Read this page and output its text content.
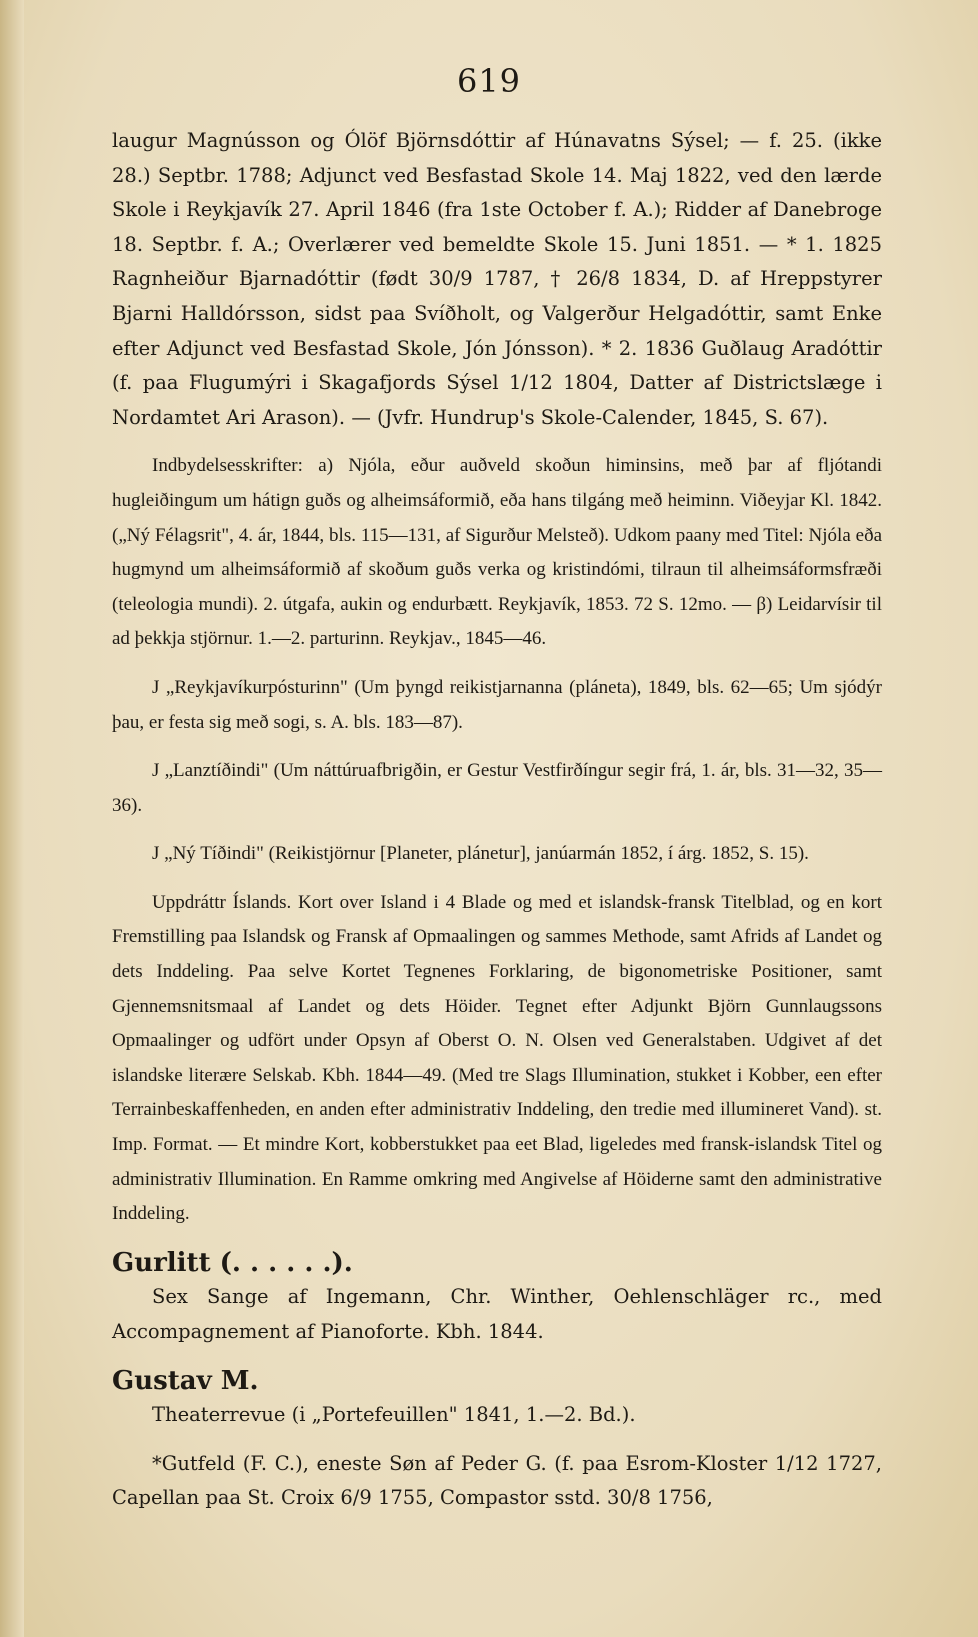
619

laugur Magnússon og Ólöf Björnsdóttir af Húnavatns Sýsel; — f. 25. (ikke 28.) Septbr. 1788; Adjunct ved Besfastad Skole 14. Maj 1822, ved den lærde Skole i Reykjavík 27. April 1846 (fra 1ste October f. A.); Ridder af Danebroge 18. Septbr. f. A.; Overlærer ved bemeldte Skole 15. Juni 1851. — * 1. 1825 Ragnheiður Bjarnadóttir (født 30/9 1787, † 26/8 1834, D. af Hreppstyrer Bjarni Halldórsson, sidst paa Svíðholt, og Valgerður Helgadóttir, samt Enke efter Adjunct ved Besfastad Skole, Jón Jónsson). * 2. 1836 Guðlaug Aradóttir (f. paa Flugumýri i Skagafjords Sýsel 1/12 1804, Datter af Districtslæge i Nordamtet Ari Arason). — (Jvfr. Hundrup's Skole-Calender, 1845, S. 67).

Indbydelsesskrifter: a) Njóla, eður auðveld skoðun himinsins, með þar af fljótandi hugleiðingum um hátign guðs og alheimsáformið, eða hans tilgáng með heiminn. Viðeyjar Kl. 1842. („Ný Félagsrit", 4. ár, 1844, bls. 115—131, af Sigurður Melsteð). Udkom paany med Titel: Njóla eða hugmynd um alheimsáformið af skoðum guðs verka og kristindómi, tilraun til alheimsáformsfræði (teleologia mundi). 2. útgafa, aukin og endurbætt. Reykjavík, 1853. 72 S. 12mo. — β) Leidarvísir til ad þekkja stjörnur. 1.—2. parturinn. Reykjav., 1845—46.

J „Reykjavíkurpósturinn" (Um þyngd reikistjarnanna (pláneta), 1849, bls. 62—65; Um sjódýr þau, er festa sig með sogi, s. A. bls. 183—87).

J „Lanztíðindi" (Um náttúruafbrigðin, er Gestur Vestfirðíngur segir frá, 1. ár, bls. 31—32, 35—36).

J „Ný Tíðindi" (Reikistjörnur [Planeter, plánetur], janúarmán 1852, í árg. 1852, S. 15).

Uppdráttr Íslands. Kort over Island i 4 Blade og med et islandsk-fransk Titelblad, og en kort Fremstilling paa Islandsk og Fransk af Opmaalingen og sammes Methode, samt Afrids af Landet og dets Inddeling. Paa selve Kortet Tegnenes Forklaring, de bigonometriske Positioner, samt Gjennemsnitsmaal af Landet og dets Höider. Tegnet efter Adjunkt Björn Gunnlaugssons Opmaalinger og udfört under Opsyn af Oberst O. N. Olsen ved Generalstaben. Udgivet af det islandske literære Selskab. Kbh. 1844—49. (Med tre Slags Illumination, stukket i Kobber, een efter Terrainbeskaffenheden, en anden efter administrativ Inddeling, den tredie med illumineret Vand). st. Imp. Format. — Et mindre Kort, kobberstukket paa eet Blad, ligeledes med fransk-islandsk Titel og administrativ Illumination. En Ramme omkring med Angivelse af Höiderne samt den administrative Inddeling.

Gurlitt (. . . . . .).

Sex Sange af Ingemann, Chr. Winther, Oehlenschläger rc., med Accompagnement af Pianoforte. Kbh. 1844.

Gustav M.

Theaterrevue (i „Portefeuillen" 1841, 1.—2. Bd.).

*Gutfeld (F. C.), eneste Søn af Peder G. (f. paa Esrom-Kloster 1/12 1727, Capellan paa St. Croix 6/9 1755, Compastor sstd. 30/8 1756,
